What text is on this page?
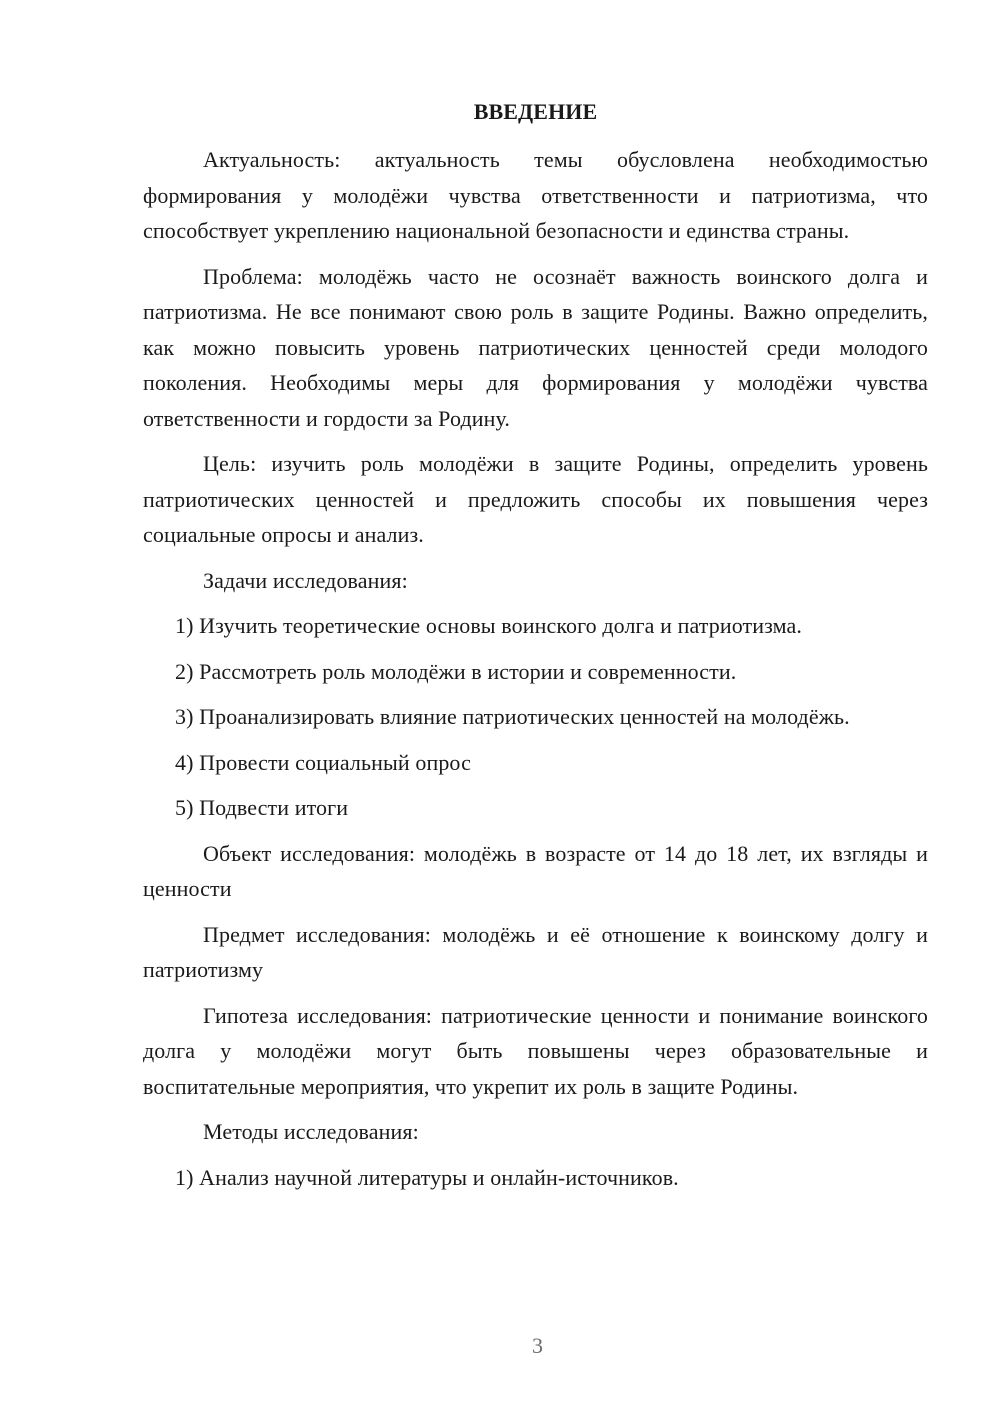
ВВЕДЕНИЕ

Актуальность: актуальность темы обусловлена необходимостью формирования у молодёжи чувства ответственности и патриотизма, что способствует укреплению национальной безопасности и единства страны.

Проблема: молодёжь часто не осознаёт важность воинского долга и патриотизма. Не все понимают свою роль в защите Родины. Важно определить, как можно повысить уровень патриотических ценностей среди молодого поколения. Необходимы меры для формирования у молодёжи чувства ответственности и гордости за Родину.

Цель: изучить роль молодёжи в защите Родины, определить уровень патриотических ценностей и предложить способы их повышения через социальные опросы и анализ.

Задачи исследования:

1) Изучить теоретические основы воинского долга и патриотизма.

2) Рассмотреть роль молодёжи в истории и современности.

3) Проанализировать влияние патриотических ценностей на молодёжь.

4) Провести социальный опрос

5) Подвести итоги

Объект исследования: молодёжь в возрасте от 14 до 18 лет, их взгляды и ценности

Предмет исследования: молодёжь и её отношение к воинскому долгу и патриотизму

Гипотеза исследования: патриотические ценности и понимание воинского долга у молодёжи могут быть повышены через образовательные и воспитательные мероприятия, что укрепит их роль в защите Родины.

Методы исследования:

1) Анализ научной литературы и онлайн-источников.

3
